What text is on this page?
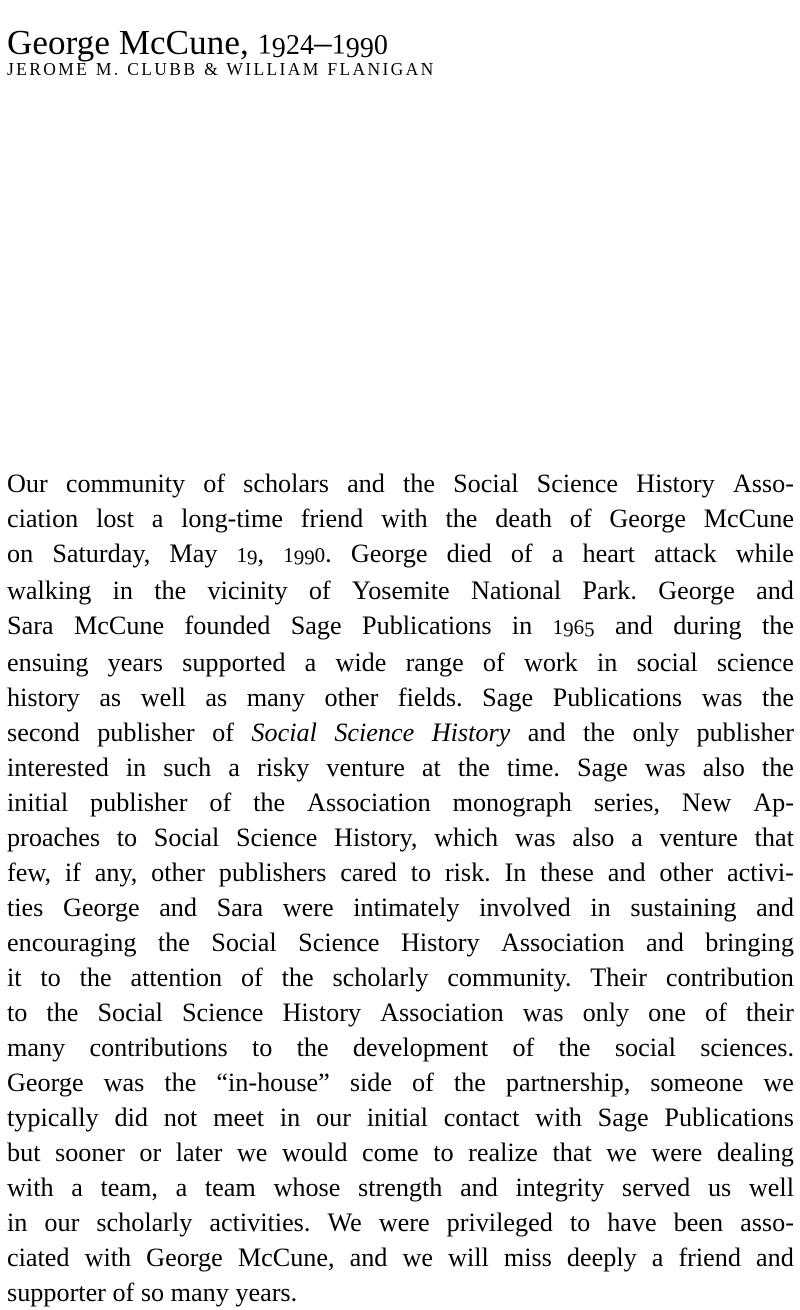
George McCune, 1924–1990
JEROME M. CLUBB & WILLIAM FLANIGAN
Our community of scholars and the Social Science History Asso-
ciation lost a long-time friend with the death of George McCune
on Saturday, May 19, 1990. George died of a heart attack while
walking in the vicinity of Yosemite National Park. George and
Sara McCune founded Sage Publications in 1965 and during the
ensuing years supported a wide range of work in social science
history as well as many other fields. Sage Publications was the
second publisher of Social Science History and the only publisher
interested in such a risky venture at the time. Sage was also the
initial publisher of the Association monograph series, New Ap-
proaches to Social Science History, which was also a venture that
few, if any, other publishers cared to risk. In these and other activi-
ties George and Sara were intimately involved in sustaining and
encouraging the Social Science History Association and bringing
it to the attention of the scholarly community. Their contribution
to the Social Science History Association was only one of their
many contributions to the development of the social sciences.
George was the “in-house” side of the partnership, someone we
typically did not meet in our initial contact with Sage Publications
but sooner or later we would come to realize that we were dealing
with a team, a team whose strength and integrity served us well
in our scholarly activities. We were privileged to have been asso-
ciated with George McCune, and we will miss deeply a friend and
supporter of so many years.
